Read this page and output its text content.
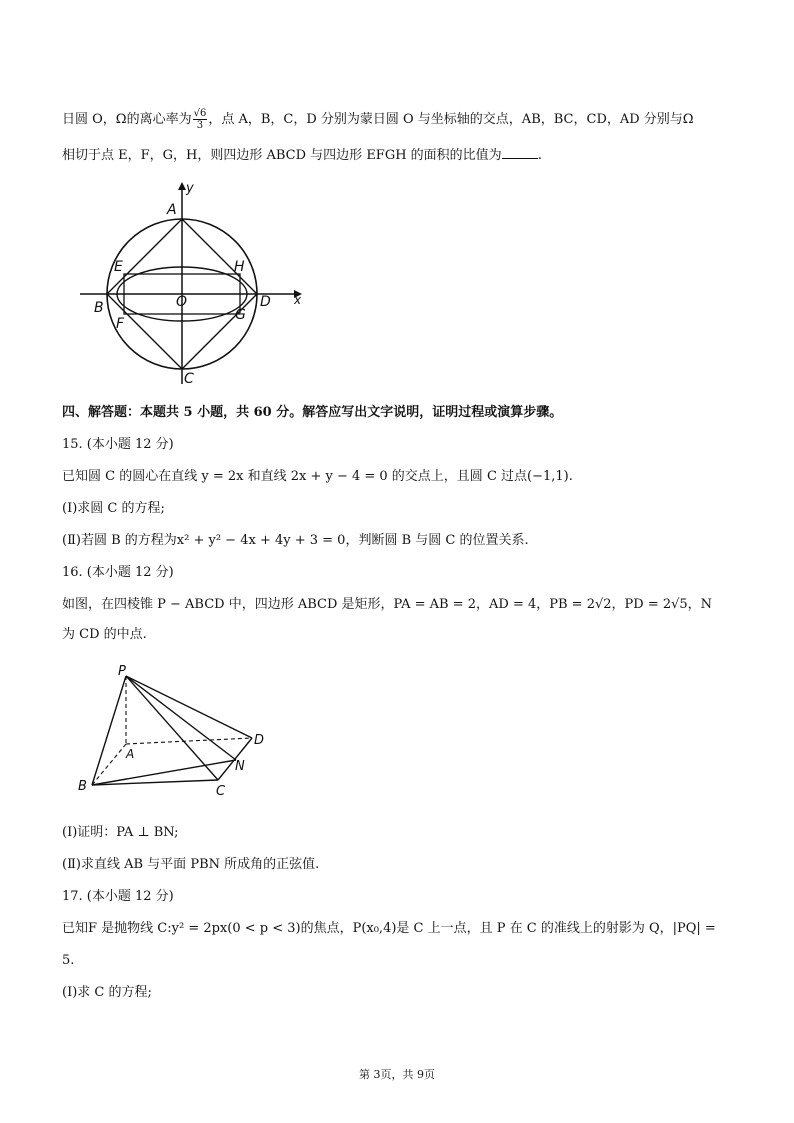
日圆 O，Ω的离心率为 $\frac{√6}{3}$ ，点 A，B，C，D 分别为蒙日圆 O 与坐标轴的交点，AB，BC，CD，AD 分别与Ω
相切于点 E，F，G，H，则四边形 ABCD 与四边形 EFGH 的面积的比值为	.
y
x
A
B
C
D
E
F
G
H
O
四、解答题：本题共 5 小题，共 60 分。解答应写出文字说明，证明过程或演算步骤。
15. (本小题 12 分)
已知圆 C 的圆心在直线 y = 2x 和直线 2x + y − 4 = 0 的交点上，且圆 C 过点(−1,1).
(Ⅰ)求圆 C 的方程;
(Ⅱ)若圆 B 的方程为x² + y² − 4x + 4y + 3 = 0，判断圆 B 与圆 C 的位置关系.
16. (本小题 12 分)
如图，在四棱锥 P − ABCD 中，四边形 ABCD 是矩形，PA = AB = 2，AD = 4，PB = 2√2，PD = 2√5，N
为 CD 的中点.
P
A
B	C
D
N
(Ⅰ)证明：PA ⊥ BN;
(Ⅱ)求直线 AB 与平面 PBN 所成角的正弦值.
17. (本小题 12 分)
已知F 是抛物线 C:y² = 2px(0 < p < 3)的焦点，P(x₀,4)是 C 上一点，且 P 在 C 的准线上的射影为 Q，|PQ| =
5.
(Ⅰ)求 C 的方程;
第 3页，共 9页
